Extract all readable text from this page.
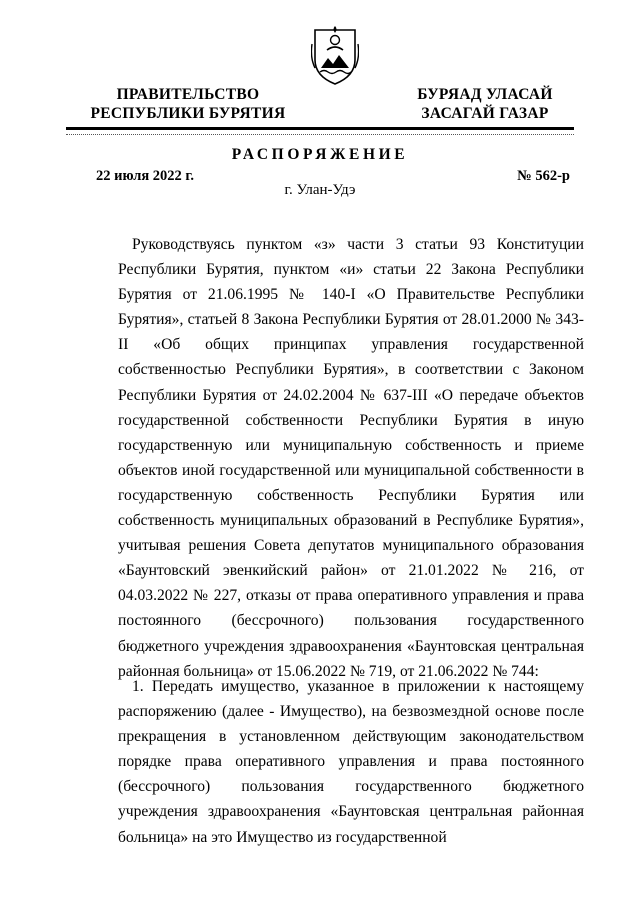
ПРАВИТЕЛЬСТВО
РЕСПУБЛИКИ БУРЯТИЯ
БУРЯАД УЛАСАЙ
ЗАСАГАЙ ГАЗАР
РАСПОРЯЖЕНИЕ
22 июля 2022 г.	№ 562-р
г. Улан-Удэ

Руководствуясь пунктом «з» части 3 статьи 93 Конституции Республики Бурятия, пунктом «и» статьи 22 Закона Республики Бурятия от 21.06.1995 № 140-I «О Правительстве Республики Бурятия», статьей 8 Закона Республики Бурятия от 28.01.2000 № 343-II «Об общих принципах управления государственной собственностью Республики Бурятия», в соответствии с Законом Республики Бурятия от 24.02.2004 № 637-III «О передаче объектов государственной собственности Республики Бурятия в иную государственную или муниципальную собственность и приеме объектов иной государственной или муниципальной собственности в государственную собственность Республики Бурятия или собственность муниципальных образований в Республике Бурятия», учитывая решения Совета депутатов муниципального образования «Баунтовский эвенкийский район» от 21.01.2022 № 216, от 04.03.2022 № 227, отказы от права оперативного управления и права постоянного (бессрочного) пользования государственного бюджетного учреждения здравоохранения «Баунтовская центральная районная больница» от 15.06.2022 № 719, от 21.06.2022 № 744:

1. Передать имущество, указанное в приложении к настоящему распоряжению (далее - Имущество), на безвозмездной основе после прекращения в установленном действующим законодательством порядке права оперативного управления и права постоянного (бессрочного) пользования государственного бюджетного учреждения здравоохранения «Баунтовская центральная районная больница» на это Имущество из государственной
